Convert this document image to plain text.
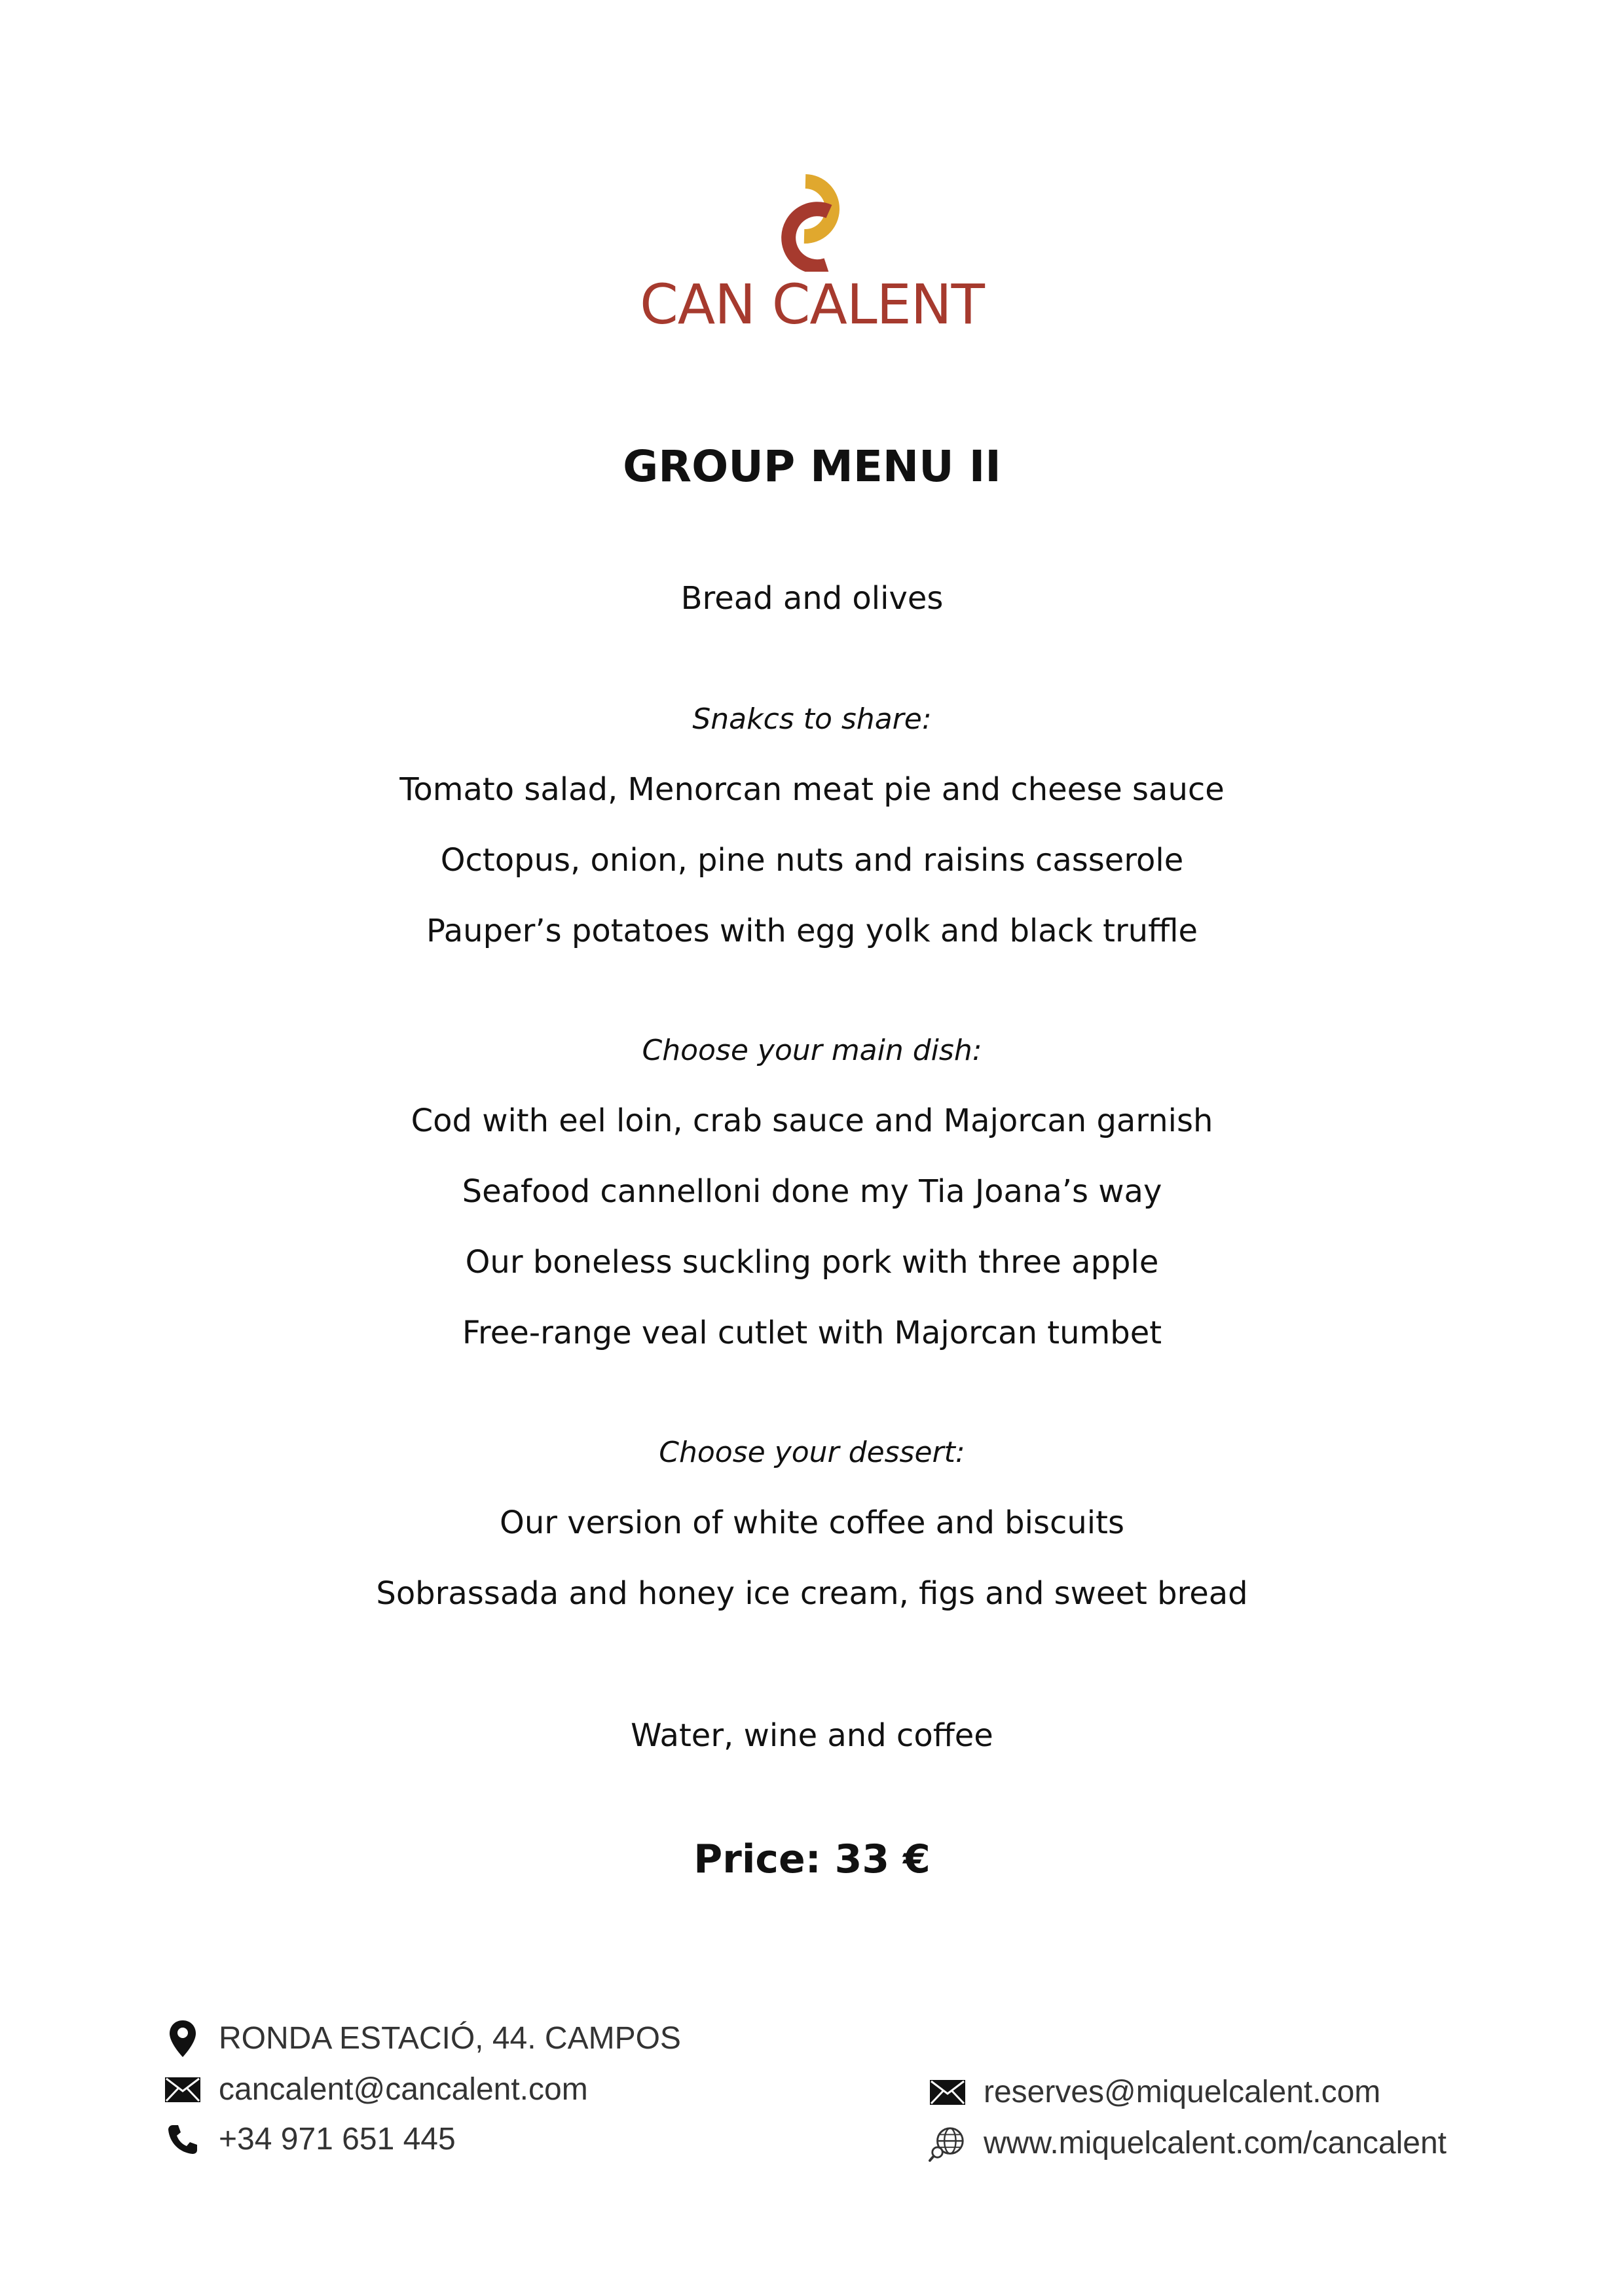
CAN CALENT
GROUP MENU II
Bread and olives
Snakcs to share:
Tomato salad, Menorcan meat pie and cheese sauce
Octopus, onion, pine nuts and raisins casserole
Pauper’s potatoes with egg yolk and black truffle
Choose your main dish:
Cod with eel loin, crab sauce and Majorcan garnish
Seafood cannelloni done my Tia Joana’s way
Our boneless suckling pork with three apple
Free-range veal cutlet with Majorcan tumbet
Choose your dessert:
Our version of white coffee and biscuits
Sobrassada and honey ice cream, figs and sweet bread
Water, wine and coffee
Price: 33 €
RONDA ESTACIÓ, 44. CAMPOS
cancalent@cancalent.com
+34 971 651 445
reserves@miquelcalent.com
www.miquelcalent.com/cancalent
